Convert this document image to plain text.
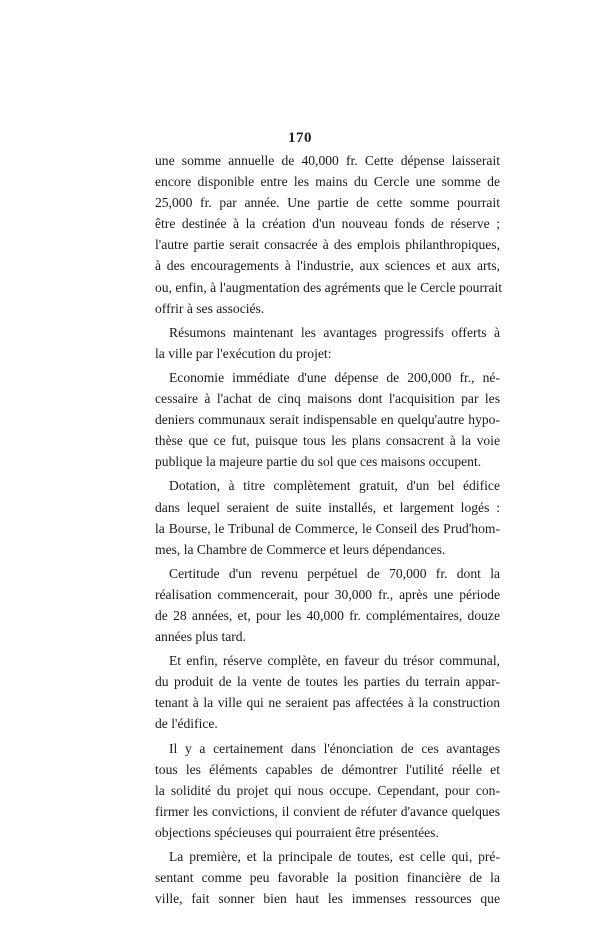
170
une somme annuelle de 40,000 fr. Cette dépense laisserait
encore disponible entre les mains du Cercle une somme de
25,000 fr. par année. Une partie de cette somme pourrait
être destinée à la création d'un nouveau fonds de réserve ;
l'autre partie serait consacrée à des emplois philanthropiques,
à des encouragements à l'industrie, aux sciences et aux arts,
ou, enfin, à l'augmentation des agréments que le Cercle pourrait
offrir à ses associés.
Résumons maintenant les avantages progressifs offerts à
la ville par l'exécution du projet:
Economie immédiate d'une dépense de 200,000 fr., né-
cessaire à l'achat de cinq maisons dont l'acquisition par les
deniers communaux serait indispensable en quelqu'autre hypo-
thèse que ce fut, puisque tous les plans consacrent à la voie
publique la majeure partie du sol que ces maisons occupent.
Dotation, à titre complètement gratuit, d'un bel édifice
dans lequel seraient de suite installés, et largement logés :
la Bourse, le Tribunal de Commerce, le Conseil des Prud'hom-
mes, la Chambre de Commerce et leurs dépendances.
Certitude d'un revenu perpétuel de 70,000 fr. dont la
réalisation commencerait, pour 30,000 fr., après une période
de 28 années, et, pour les 40,000 fr. complémentaires, douze
années plus tard.
Et enfin, réserve complète, en faveur du trésor communal,
du produit de la vente de toutes les parties du terrain appar-
tenant à la ville qui ne seraient pas affectées à la construction
de l'édifice.
Il y a certainement dans l'énonciation de ces avantages
tous les éléments capables de démontrer l'utilité réelle et
la solidité du projet qui nous occupe. Cependant, pour con-
firmer les convictions, il convient de réfuter d'avance quelques
objections spécieuses qui pourraient être présentées.
La première, et la principale de toutes, est celle qui, pré-
sentant comme peu favorable la position financière de la
ville, fait sonner bien haut les immenses ressources que
